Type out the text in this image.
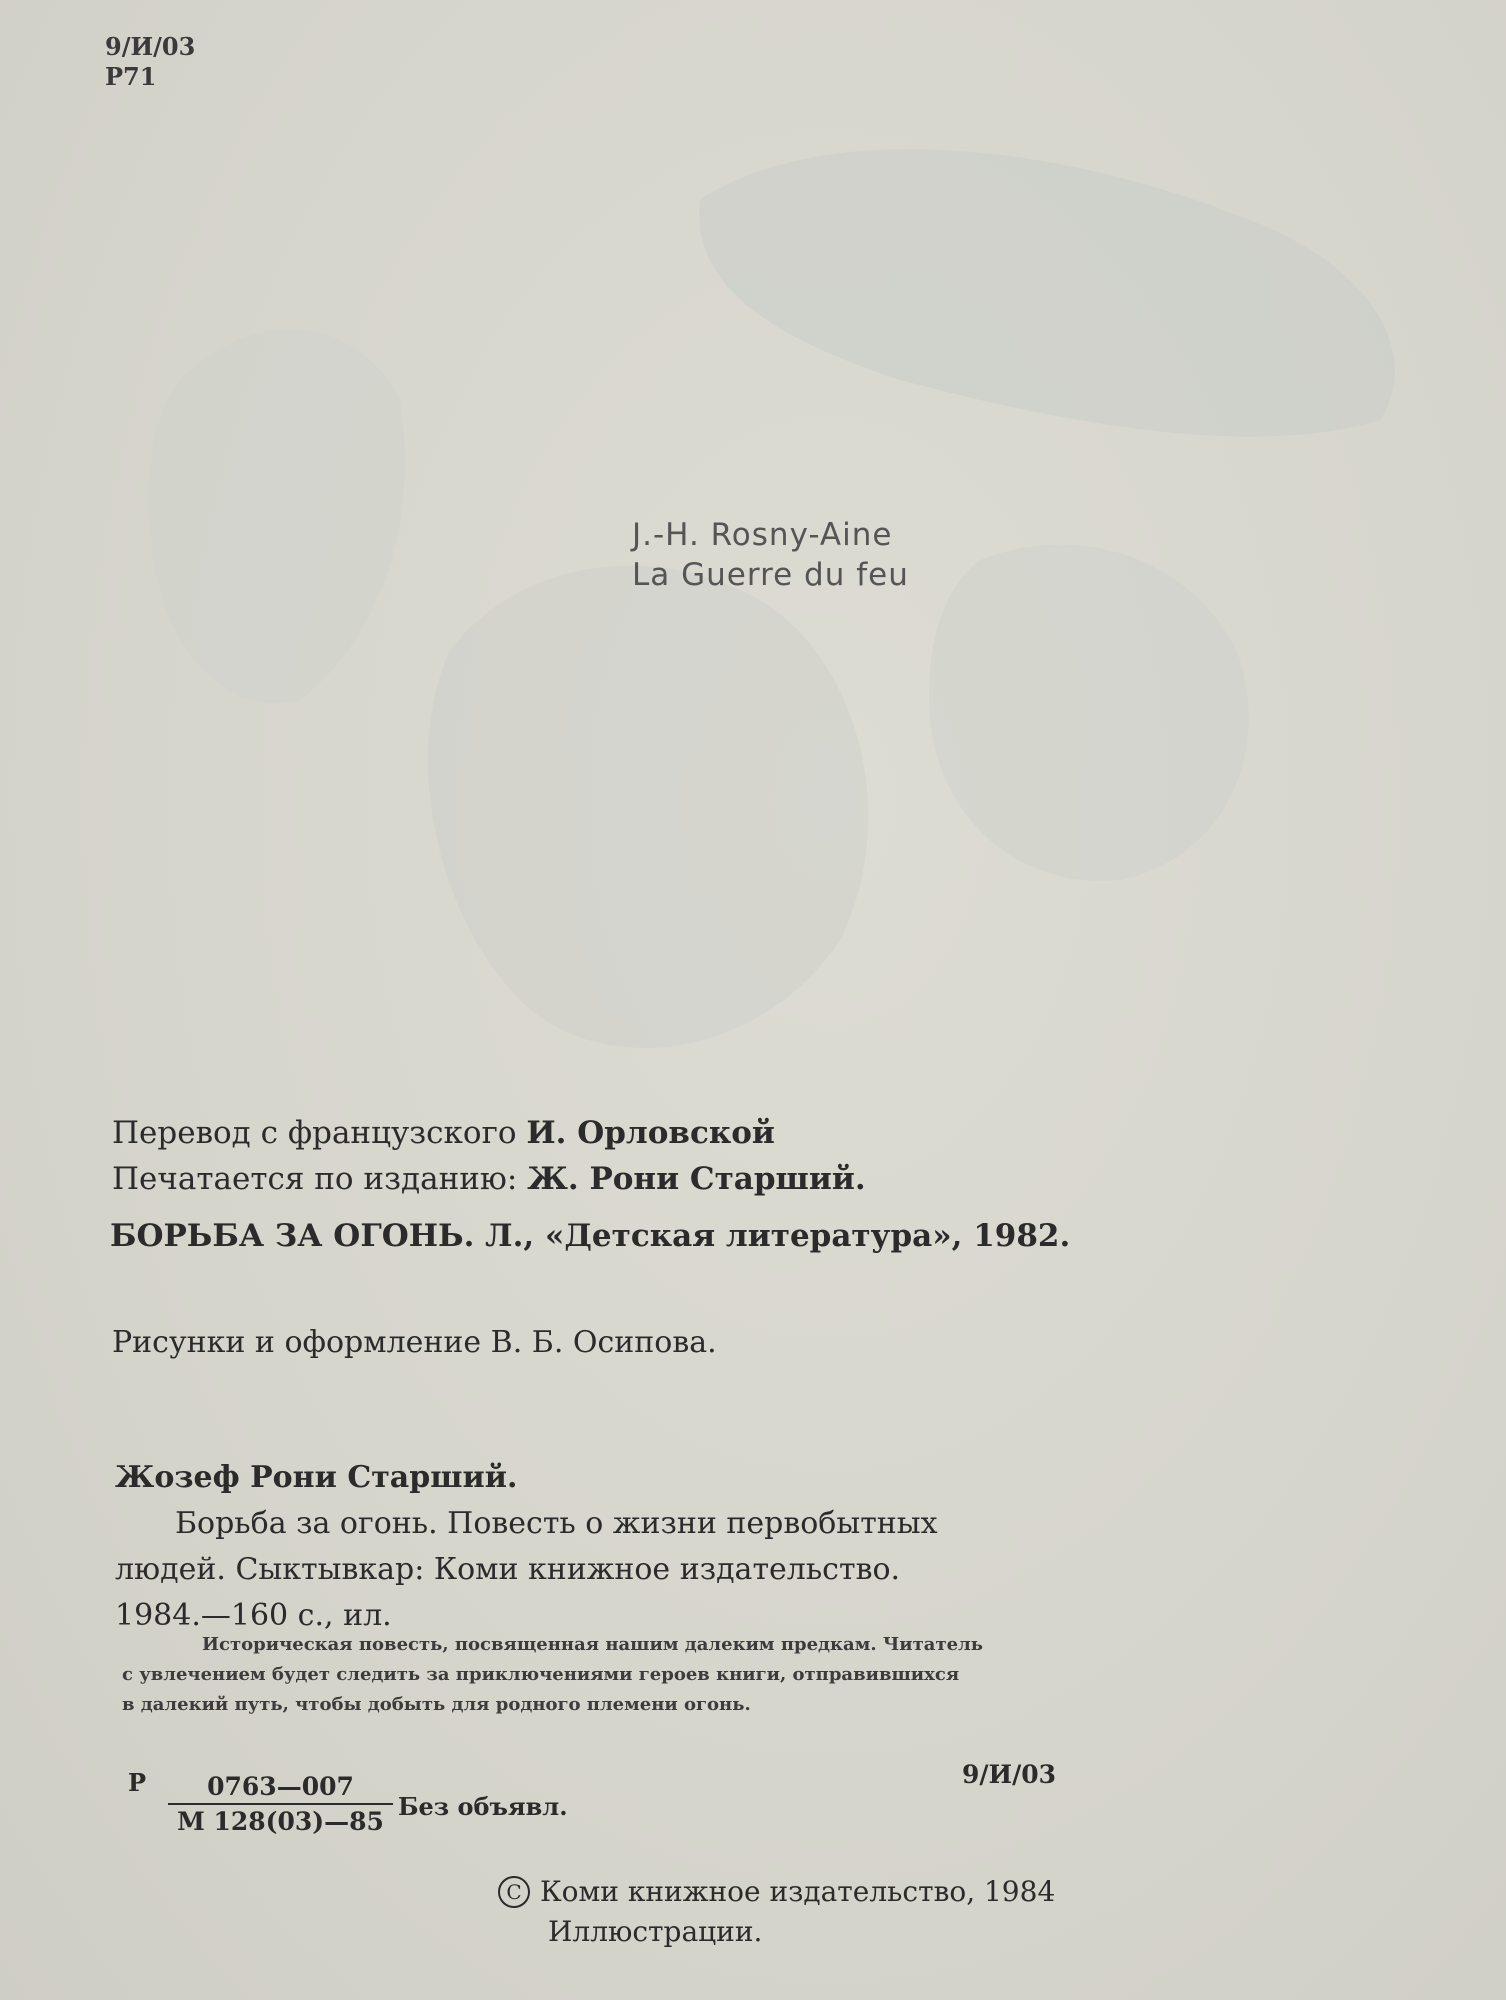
9/И/03
Р71
J.-H. Rosny-Aine
La Guerre du feu
Перевод с французского И. Орловской
Печатается по изданию: Ж. Рони Старший.
БОРЬБА ЗА ОГОНЬ. Л., «Детская литература», 1982.
Рисунки и оформление В. Б. Осипова.
Жозеф Рони Старший.
Борьба за огонь. Повесть о жизни первобытных
людей. Сыктывкар: Коми книжное издательство.
1984.—160 с., ил.
Историческая повесть, посвященная нашим далеким предкам. Читатель
с увлечением будет следить за приключениями героев книги, отправившихся
в далекий путь, чтобы добыть для родного племени огонь.
Р	0763—007
М 128(03)—85
Без объявл.
9/И/03
C Коми книжное издательство, 1984
Иллюстрации.
